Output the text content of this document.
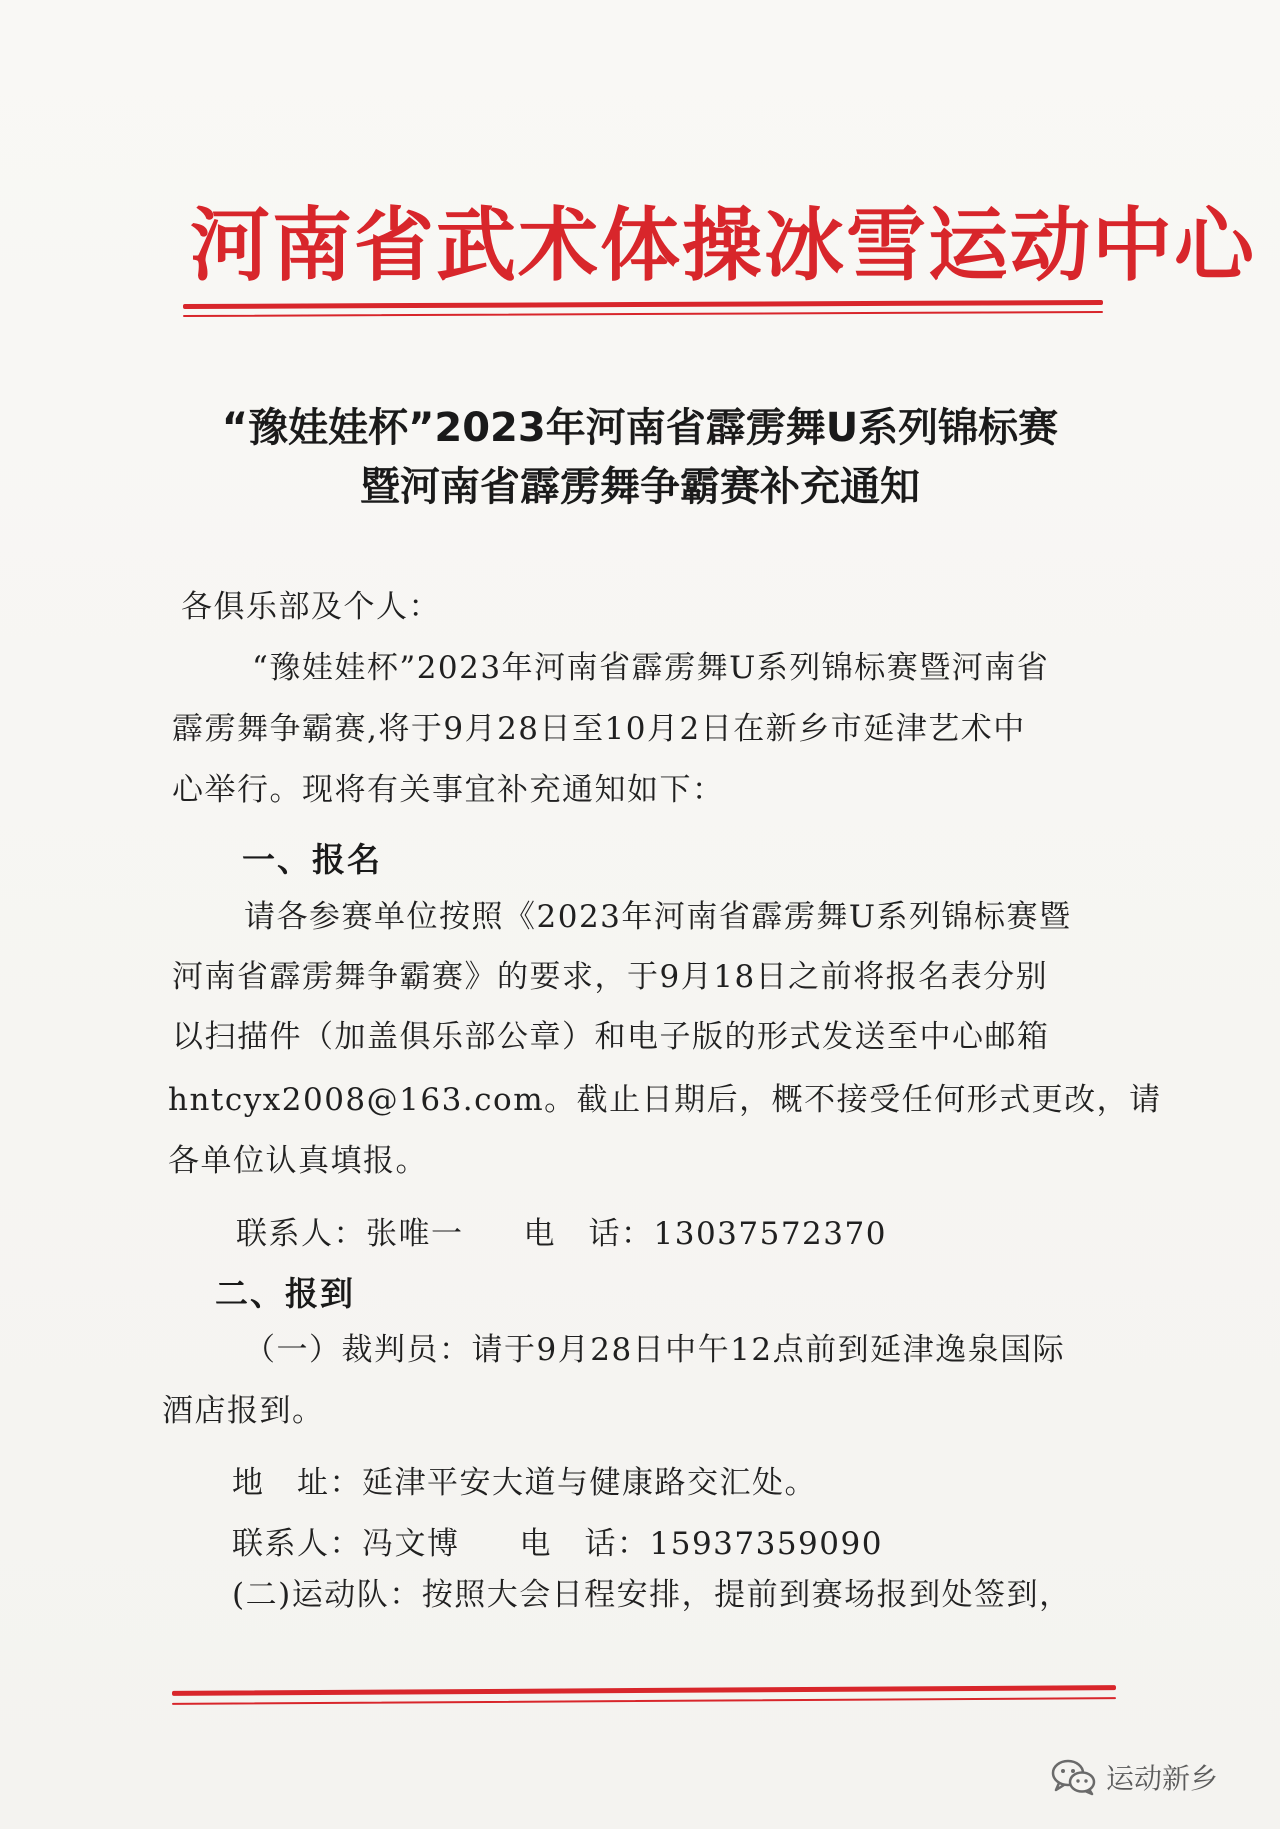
河南省武术体操冰雪运动中心
“豫娃娃杯”2023年河南省霹雳舞U系列锦标赛
暨河南省霹雳舞争霸赛补充通知
各俱乐部及个人：
“豫娃娃杯”2023年河南省霹雳舞U系列锦标赛暨河南省
霹雳舞争霸赛,将于9月28日至10月2日在新乡市延津艺术中
心举行。现将有关事宜补充通知如下：
一、报名
请各参赛单位按照《2023年河南省霹雳舞U系列锦标赛暨
河南省霹雳舞争霸赛》的要求，于9月18日之前将报名表分别
以扫描件（加盖俱乐部公章）和电子版的形式发送至中心邮箱
hntcyx2008@163.com。截止日期后，概不接受任何形式更改，请
各单位认真填报。
联系人：张唯一 电　话：13037572370
二、报到
（一）裁判员：请于9月28日中午12点前到延津逸泉国际
酒店报到。
地　址：延津平安大道与健康路交汇处。
联系人：冯文博 电　话：15937359090
(二)运动队：按照大会日程安排，提前到赛场报到处签到，
运动新乡
